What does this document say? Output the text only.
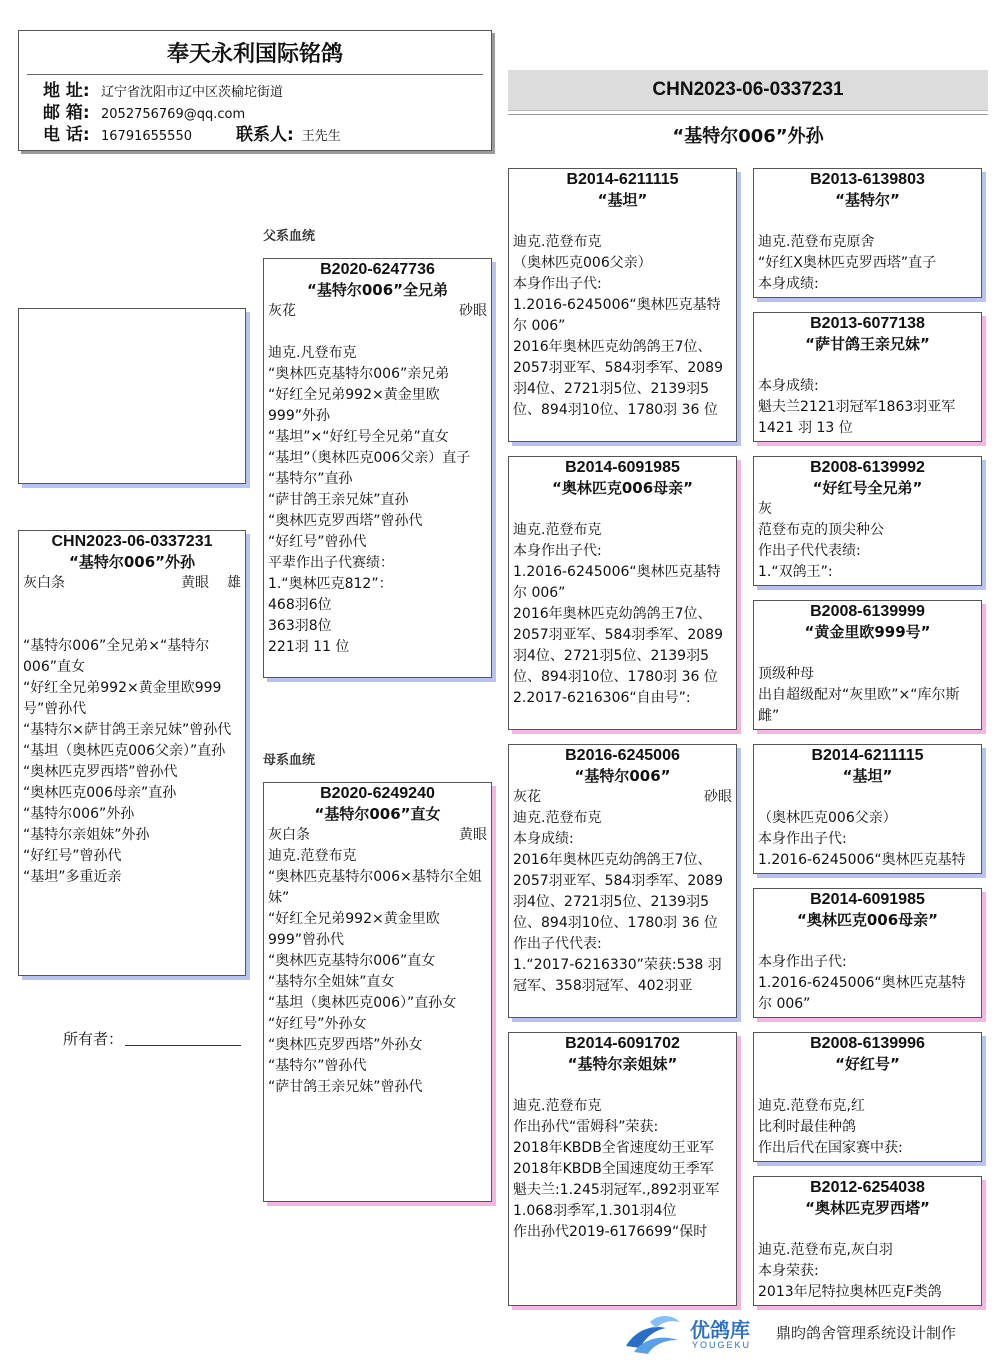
奉天永利国际铭鸽
地 址: 辽宁省沈阳市辽中区茨榆坨街道
邮 箱: 2052756769@qq.com
电 话: 16791655550	联系人: 王先生
CHN2023-06-0337231
“基特尔006”外孙
CHN2023-06-0337231
“基特尔006”外孙
灰白条	黄眼 雄

“基特尔006”全兄弟×“基特尔006”直女
“好红全兄弟992×黄金里欧999号”曾孙代
“基特尔×萨甘鸽王亲兄妹”曾孙代
“基坦（奥林匹克006父亲）”直孙
“奥林匹克罗西塔”曾孙代
“奥林匹克006母亲”直孙
“基特尔006”外孙
“基特尔亲姐妹”外孙
“好红号”曾孙代
“基坦”多重近亲
所有者：
父系血统
母系血统
B2020-6247736
“基特尔006”全兄弟
灰花	砂眼

迪克.凡登布克
“奥林匹克基特尔006”亲兄弟
“好红全兄弟992×黄金里欧999”外孙
“基坦”×“好红号全兄弟”直女
“基坦”（奥林匹克006父亲）直子
“基特尔”直孙
“萨甘鸽王亲兄妹”直孙
“奥林匹克罗西塔”曾孙代
“好红号”曾孙代
平辈作出子代赛绩：
1.“奥林匹克812”：
468羽6位
363羽8位
221羽 11 位
B2020-6249240
“基特尔006”直女
灰白条	黄眼
迪克.范登布克
“奥林匹克基特尔006×基特尔全姐妹”
“好红全兄弟992×黄金里欧999”曾孙代
“奥林匹克基特尔006”直女
“基特尔全姐妹”直女
“基坦（奥林匹克006）”直孙女
“好红号”外孙女
“奥林匹克罗西塔”外孙女
“基特尔”曾孙代
“萨甘鸽王亲兄妹”曾孙代
B2014-6211115
“基坦”

迪克.范登布克
（奥林匹克006父亲）
本身作出子代:
1.2016-6245006“奥林匹克基特尔 006”
2016年奥林匹克幼鸽鸽王7位、2057羽亚军、584羽季军、2089羽4位、2721羽5位、2139羽5位、894羽10位、1780羽 36 位
B2014-6091985
“奥林匹克006母亲”

迪克.范登布克
本身作出子代:
1.2016-6245006“奥林匹克基特尔 006”
2016年奥林匹克幼鸽鸽王7位、2057羽亚军、584羽季军、2089羽4位、2721羽5位、2139羽5位、894羽10位、1780羽 36 位
2.2017-6216306“自由号”:
B2016-6245006
“基特尔006”
灰花	砂眼
迪克.范登布克
本身成绩:
2016年奥林匹克幼鸽鸽王7位、2057羽亚军、584羽季军、2089羽4位、2721羽5位、2139羽5位、894羽10位、1780羽 36 位
作出子代代表:
1.“2017-6216330”荣获:538 羽冠军、358羽冠军、402羽亚
B2014-6091702
“基特尔亲姐妹”

迪克.范登布克
作出孙代“雷姆科”荣获:
2018年KBDB全省速度幼王亚军
2018年KBDB全国速度幼王季军
魁夫兰:1.245羽冠军.,892羽亚军
1.068羽季军,1.301羽4位
作出孙代2019-6176699“保时
B2013-6139803
“基特尔”

迪克.范登布克原舍
“好红X奥林匹克罗西塔”直子
本身成绩:
B2013-6077138
“萨甘鸽王亲兄妹”

本身成绩:
魁夫兰2121羽冠军1863羽亚军1421 羽 13 位
B2008-6139992
“好红号全兄弟”
灰
范登布克的顶尖种公
作出子代代表绩:
1.“双鸽王”:
B2008-6139999
“黄金里欧999号”

顶级种母
出自超级配对“灰里欧”×“库尔斯雌”
B2014-6211115
“基坦”

（奥林匹克006父亲）
本身作出子代:
1.2016-6245006“奥林匹克基特
B2014-6091985
“奥林匹克006母亲”

本身作出子代:
1.2016-6245006“奥林匹克基特尔 006”
B2008-6139996
“好红号”

迪克.范登布克,红
比利时最佳种鸽
作出后代在国家赛中获:
B2012-6254038
“奥林匹克罗西塔”

迪克.范登布克,灰白羽
本身荣获:
2013年尼特拉奥林匹克F类鸽
优鸽库
YOUGEKU
鼎昀鸽舍管理系统设计制作
